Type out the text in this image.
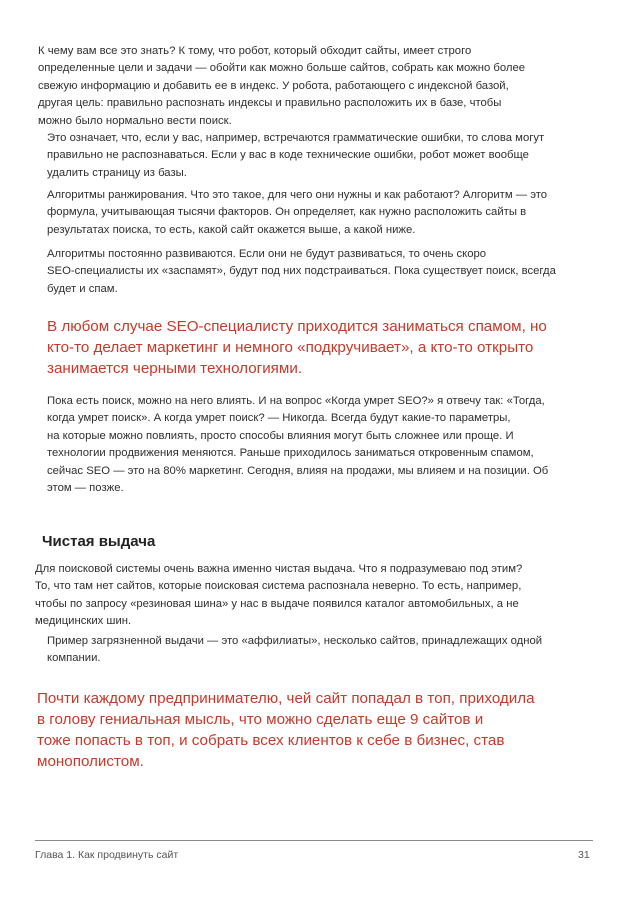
К чему вам все это знать? К тому, что робот, который обходит сайты, имеет строго
определенные цели и задачи — обойти как можно больше сайтов, собрать как можно более
свежую информацию и добавить ее в индекс. У робота, работающего с индексной базой,
другая цель: правильно распознать индексы и правильно расположить их в базе, чтобы
можно было нормально вести поиск.

Это означает, что, если у вас, например, встречаются грамматические ошибки, то слова могут
правильно не распознаваться. Если у вас в коде технические ошибки, робот может вообще
удалить страницу из базы.

Алгоритмы ранжирования. Что это такое, для чего они нужны и как работают? Алгоритм — это
формула, учитывающая тысячи факторов. Он определяет, как нужно расположить сайты в
результатах поиска, то есть, какой сайт окажется выше, а какой ниже.

Алгоритмы постоянно развиваются. Если они не будут развиваться, то очень скоро
SEO-специалисты их «заспамят», будут под них подстраиваться. Пока существует поиск, всегда
будет и спам.

В любом случае SEO-специалисту приходится заниматься спамом, но
кто-то делает маркетинг и немного «подкручивает», а кто-то открыто
занимается черными технологиями.

Пока есть поиск, можно на него влиять. И на вопрос «Когда умрет SEO?» я отвечу так: «Тогда,
когда умрет поиск». А когда умрет поиск? — Никогда. Всегда будут какие-то параметры,
на которые можно повлиять, просто способы влияния могут быть сложнее или проще. И
технологии продвижения меняются. Раньше приходилось заниматься откровенным спамом,
сейчас SEO — это на 80% маркетинг. Сегодня, влияя на продажи, мы влияем и на позиции. Об
этом — позже.

Чистая выдача

Для поисковой системы очень важна именно чистая выдача. Что я подразумеваю под этим?
То, что там нет сайтов, которые поисковая система распознала неверно. То есть, например,
чтобы по запросу «резиновая шина» у нас в выдаче появился каталог автомобильных, а не
медицинских шин.

Пример загрязненной выдачи — это «аффилиаты», несколько сайтов, принадлежащих одной
компании.

Почти каждому предпринимателю, чей сайт попадал в топ, приходила
в голову гениальная мысль, что можно сделать еще 9 сайтов и
тоже попасть в топ, и собрать всех клиентов к себе в бизнес, став
монополистом.

Глава 1. Как продвинуть сайт	31
